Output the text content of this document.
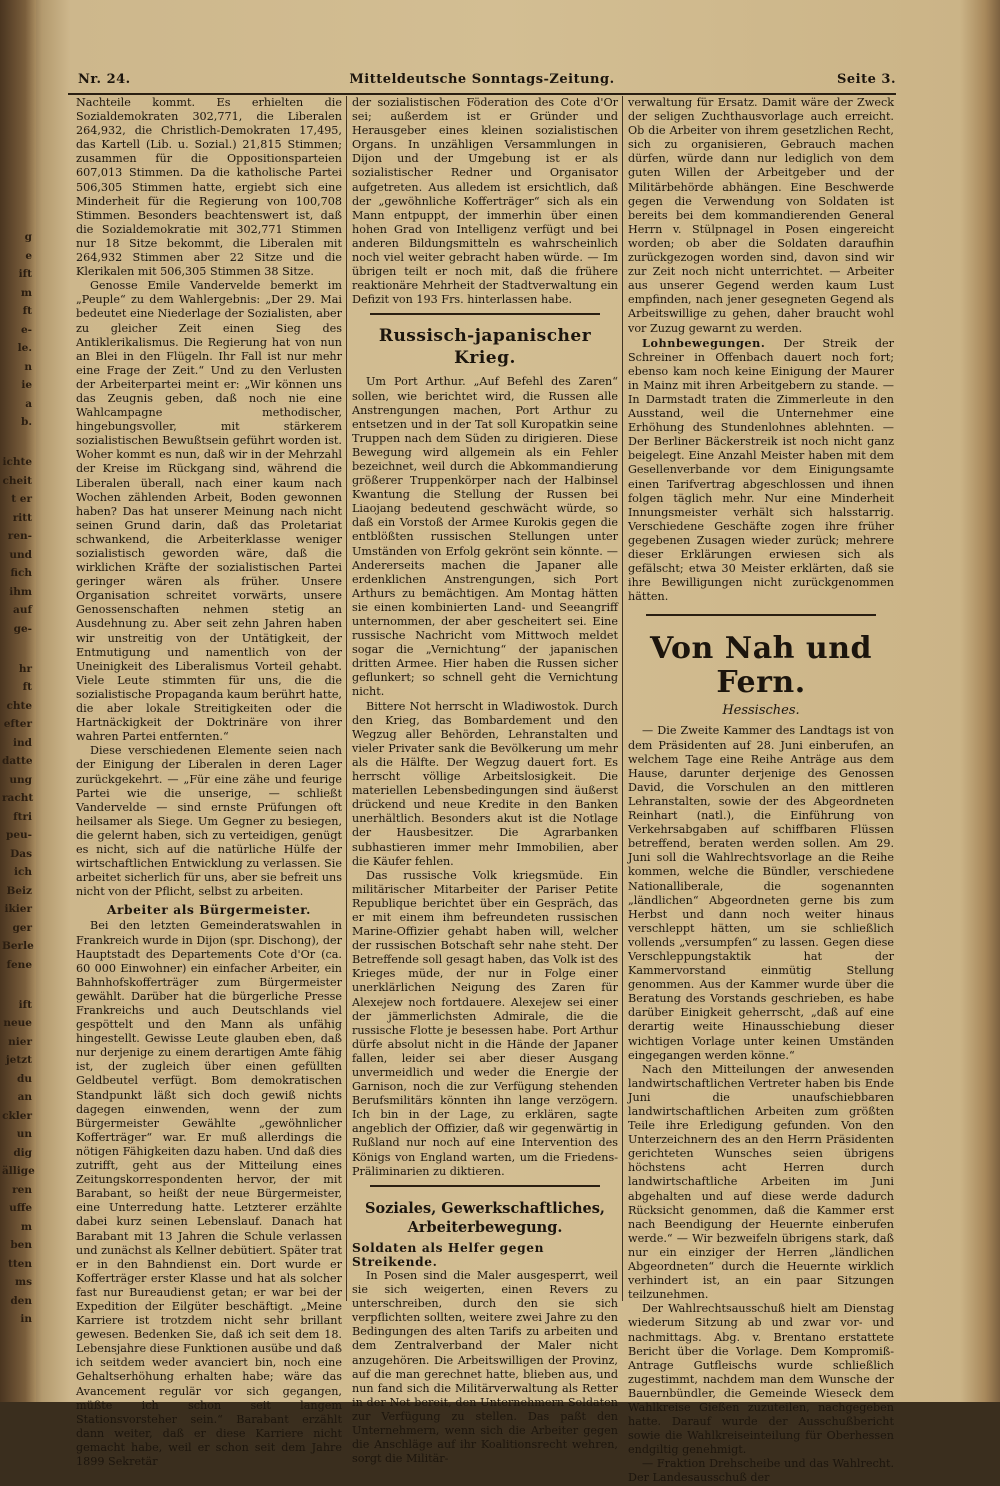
g
e
ift
m
ft
e-
le.
n
ie
a
b.
ichte
cheit
t er
ritt
ren-
und
fich
ihm
auf
ge-
hr
ft
chte
efter
ind
datte
ung
racht
ftri
peu-
Das
ich
Beiz
ikier
ger
Berle
fene
ift
neue
nier
jetzt
du
an
ckler
un
dig
ällige
ren
uffe
m
ben
tten
ms
den
in
Nr. 24.	Mitteldeutsche Sonntags-Zeitung.	Seite 3.

Nachteile kommt. Es erhielten die Sozialdemokraten 302,771, die Liberalen 264,932, die Christlich-Demokraten 17,495, das Kartell (Lib. u. Sozial.) 21,815 Stimmen; zusammen für die Oppositionsparteien 607,013 Stimmen. Da die katholische Partei 506,305 Stimmen hatte, ergiebt sich eine Minderheit für die Regierung von 100,708 Stimmen. Besonders beachtenswert ist, daß die Sozialdemokratie mit 302,771 Stimmen nur 18 Sitze bekommt, die Liberalen mit 264,932 Stimmen aber 22 Sitze und die Klerikalen mit 506,305 Stimmen 38 Sitze.

Genosse Emile Vandervelde bemerkt im „Peuple“ zu dem Wahlergebnis: „Der 29. Mai bedeutet eine Niederlage der Sozialisten, aber zu gleicher Zeit einen Sieg des Antiklerikalismus. Die Regierung hat von nun an Blei in den Flügeln. Ihr Fall ist nur mehr eine Frage der Zeit.“ Und zu den Verlusten der Arbeiterpartei meint er: „Wir können uns das Zeugnis geben, daß noch nie eine Wahlcampagne methodischer, hingebungsvoller, mit stärkerem sozialistischen Bewußtsein geführt worden ist. Woher kommt es nun, daß wir in der Mehrzahl der Kreise im Rückgang sind, während die Liberalen überall, nach einer kaum nach Wochen zählenden Arbeit, Boden gewonnen haben? Das hat unserer Meinung nach nicht seinen Grund darin, daß das Proletariat schwankend, die Arbeiterklasse weniger sozialistisch geworden wäre, daß die wirklichen Kräfte der sozialistischen Partei geringer wären als früher. Unsere Organisation schreitet vorwärts, unsere Genossenschaften nehmen stetig an Ausdehnung zu. Aber seit zehn Jahren haben wir unstreitig von der Untätigkeit, der Entmutigung und namentlich von der Uneinigkeit des Liberalismus Vorteil gehabt. Viele Leute stimmten für uns, die die sozialistische Propaganda kaum berührt hatte, die aber lokale Streitigkeiten oder die Hartnäckigkeit der Doktrinäre von ihrer wahren Partei entfernten.“

Diese verschiedenen Elemente seien nach der Einigung der Liberalen in deren Lager zurückgekehrt. — „Für eine zähe und feurige Partei wie die unserige, — schließt Vandervelde — sind ernste Prüfungen oft heilsamer als Siege. Um Gegner zu besiegen, die gelernt haben, sich zu verteidigen, genügt es nicht, sich auf die natürliche Hülfe der wirtschaftlichen Entwicklung zu verlassen. Sie arbeitet sicherlich für uns, aber sie befreit uns nicht von der Pflicht, selbst zu arbeiten.

Arbeiter als Bürgermeister.

Bei den letzten Gemeinderatswahlen in Frankreich wurde in Dijon (spr. Dischong), der Hauptstadt des Departements Cote d'Or (ca. 60 000 Einwohner) ein einfacher Arbeiter, ein Bahnhofskofferträger zum Bürgermeister gewählt. Darüber hat die bürgerliche Presse Frankreichs und auch Deutschlands viel gespöttelt und den Mann als unfähig hingestellt. Gewisse Leute glauben eben, daß nur derjenige zu einem derartigen Amte fähig ist, der zugleich über einen gefüllten Geldbeutel verfügt. Bom demokratischen Standpunkt läßt sich doch gewiß nichts dagegen einwenden, wenn der zum Bürgermeister Gewählte „gewöhnlicher Kofferträger“ war. Er muß allerdings die nötigen Fähigkeiten dazu haben. Und daß dies zutrifft, geht aus der Mitteilung eines Zeitungskorrespondenten hervor, der mit Barabant, so heißt der neue Bürgermeister, eine Unterredung hatte. Letzterer erzählte dabei kurz seinen Lebenslauf. Danach hat Barabant mit 13 Jahren die Schule verlassen und zunächst als Kellner debütiert. Später trat er in den Bahndienst ein. Dort wurde er Kofferträger erster Klasse und hat als solcher fast nur Bureaudienst getan; er war bei der Expedition der Eilgüter beschäftigt. „Meine Karriere ist trotzdem nicht sehr brillant gewesen. Bedenken Sie, daß ich seit dem 18. Lebensjahre diese Funktionen ausübe und daß ich seitdem weder avanciert bin, noch eine Gehaltserhöhung erhalten habe; wäre das Avancement regulär vor sich gegangen, müßte ich schon seit langem Stationsvorsteher sein.“ Barabant erzählt dann weiter, daß er diese Karriere nicht gemacht habe, weil er schon seit dem Jahre 1899 Sekretär

der sozialistischen Föderation des Cote d'Or sei; außerdem ist er Gründer und Herausgeber eines kleinen sozialistischen Organs. In unzähligen Versammlungen in Dijon und der Umgebung ist er als sozialistischer Redner und Organisator aufgetreten. Aus alledem ist ersichtlich, daß der „gewöhnliche Kofferträger“ sich als ein Mann entpuppt, der immerhin über einen hohen Grad von Intelligenz verfügt und bei anderen Bildungsmitteln es wahrscheinlich noch viel weiter gebracht haben würde. — Im übrigen teilt er noch mit, daß die frühere reaktionäre Mehrheit der Stadtverwaltung ein Defizit von 193 Frs. hinterlassen habe.

Russisch-japanischer Krieg.

Um Port Arthur. „Auf Befehl des Zaren“ sollen, wie berichtet wird, die Russen alle Anstrengungen machen, Port Arthur zu entsetzen und in der Tat soll Kuropatkin seine Truppen nach dem Süden zu dirigieren. Diese Bewegung wird allgemein als ein Fehler bezeichnet, weil durch die Abkommandierung größerer Truppenkörper nach der Halbinsel Kwantung die Stellung der Russen bei Liaojang bedeutend geschwächt würde, so daß ein Vorstoß der Armee Kurokis gegen die entblößten russischen Stellungen unter Umständen von Erfolg gekrönt sein könnte. — Andererseits machen die Japaner alle erdenklichen Anstrengungen, sich Port Arthurs zu bemächtigen. Am Montag hätten sie einen kombinierten Land- und Seeangriff unternommen, der aber gescheitert sei. Eine russische Nachricht vom Mittwoch meldet sogar die „Vernichtung“ der japanischen dritten Armee. Hier haben die Russen sicher geflunkert; so schnell geht die Vernichtung nicht.

Bittere Not herrscht in Wladiwostok. Durch den Krieg, das Bombardement und den Wegzug aller Behörden, Lehranstalten und vieler Privater sank die Bevölkerung um mehr als die Hälfte. Der Wegzug dauert fort. Es herrscht völlige Arbeitslosigkeit. Die materiellen Lebensbedingungen sind äußerst drückend und neue Kredite in den Banken unerhältlich. Besonders akut ist die Notlage der Hausbesitzer. Die Agrarbanken subhastieren immer mehr Immobilien, aber die Käufer fehlen.

Das russische Volk kriegsmüde. Ein militärischer Mitarbeiter der Pariser Petite Republique berichtet über ein Gespräch, das er mit einem ihm befreundeten russischen Marine-Offizier gehabt haben will, welcher der russischen Botschaft sehr nahe steht. Der Betreffende soll gesagt haben, das Volk ist des Krieges müde, der nur in Folge einer unerklärlichen Neigung des Zaren für Alexejew noch fortdauere. Alexejew sei einer der jämmerlichsten Admirale, die die russische Flotte je besessen habe. Port Arthur dürfe absolut nicht in die Hände der Japaner fallen, leider sei aber dieser Ausgang unvermeidlich und weder die Energie der Garnison, noch die zur Verfügung stehenden Berufsmilitärs könnten ihn lange verzögern. Ich bin in der Lage, zu erklären, sagte angeblich der Offizier, daß wir gegenwärtig in Rußland nur noch auf eine Intervention des Königs von England warten, um die Friedens-Präliminarien zu diktieren.

Soziales, Gewerkschaftliches, Arbeiterbewegung.
Soldaten als Helfer gegen Streikende.

In Posen sind die Maler ausgesperrt, weil sie sich weigerten, einen Revers zu unterschreiben, durch den sie sich verpflichten sollten, weitere zwei Jahre zu den Bedingungen des alten Tarifs zu arbeiten und dem Zentralverband der Maler nicht anzugehören. Die Arbeitswilligen der Provinz, auf die man gerechnet hatte, blieben aus, und nun fand sich die Militärverwaltung als Retter in der Not bereit, den Unternehmern Soldaten zur Verfügung zu stellen. Das paßt den Unternehmern, wenn sich die Arbeiter gegen die Anschläge auf ihr Koalitionsrecht wehren, sorgt die Militär-

verwaltung für Ersatz. Damit wäre der Zweck der seligen Zuchthausvorlage auch erreicht. Ob die Arbeiter von ihrem gesetzlichen Recht, sich zu organisieren, Gebrauch machen dürfen, würde dann nur lediglich von dem guten Willen der Arbeitgeber und der Militärbehörde abhängen. Eine Beschwerde gegen die Verwendung von Soldaten ist bereits bei dem kommandierenden General Herrn v. Stülpnagel in Posen eingereicht worden; ob aber die Soldaten daraufhin zurückgezogen worden sind, davon sind wir zur Zeit noch nicht unterrichtet. — Arbeiter aus unserer Gegend werden kaum Lust empfinden, nach jener gesegneten Gegend als Arbeitswillige zu gehen, daher braucht wohl vor Zuzug gewarnt zu werden.

Lohnbewegungen. Der Streik der Schreiner in Offenbach dauert noch fort; ebenso kam noch keine Einigung der Maurer in Mainz mit ihren Arbeitgebern zu stande. — In Darmstadt traten die Zimmerleute in den Ausstand, weil die Unternehmer eine Erhöhung des Stundenlohnes ablehnten. — Der Berliner Bäckerstreik ist noch nicht ganz beigelegt. Eine Anzahl Meister haben mit dem Gesellenverbande vor dem Einigungsamte einen Tarifvertrag abgeschlossen und ihnen folgen täglich mehr. Nur eine Minderheit Innungsmeister verhält sich halsstarrig. Verschiedene Geschäfte zogen ihre früher gegebenen Zusagen wieder zurück; mehrere dieser Erklärungen erwiesen sich als gefälscht; etwa 30 Meister erklärten, daß sie ihre Bewilligungen nicht zurückgenommen hätten.

Von Nah und Fern.
Hessisches.

— Die Zweite Kammer des Landtags ist von dem Präsidenten auf 28. Juni einberufen, an welchem Tage eine Reihe Anträge aus dem Hause, darunter derjenige des Genossen David, die Vorschulen an den mittleren Lehranstalten, sowie der des Abgeordneten Reinhart (natl.), die Einführung von Verkehrsabgaben auf schiffbaren Flüssen betreffend, beraten werden sollen. Am 29. Juni soll die Wahlrechtsvorlage an die Reihe kommen, welche die Bündler, verschiedene Nationalliberale, die sogenannten „ländlichen“ Abgeordneten gerne bis zum Herbst und dann noch weiter hinaus verschleppt hätten, um sie schließlich vollends „versumpfen“ zu lassen. Gegen diese Verschleppungstaktik hat der Kammervorstand einmütig Stellung genommen. Aus der Kammer wurde über die Beratung des Vorstands geschrieben, es habe darüber Einigkeit geherrscht, „daß auf eine derartig weite Hinausschiebung dieser wichtigen Vorlage unter keinen Umständen eingegangen werden könne.“

Nach den Mitteilungen der anwesenden landwirtschaftlichen Vertreter haben bis Ende Juni die unaufschiebbaren landwirtschaftlichen Arbeiten zum größten Teile ihre Erledigung gefunden. Von den Unterzeichnern des an den Herrn Präsidenten gerichteten Wunsches seien übrigens höchstens acht Herren durch landwirtschaftliche Arbeiten im Juni abgehalten und auf diese werde dadurch Rücksicht genommen, daß die Kammer erst nach Beendigung der Heuernte einberufen werde.“ — Wir bezweifeln übrigens stark, daß nur ein einziger der Herren „ländlichen Abgeordneten“ durch die Heuernte wirklich verhindert ist, an ein paar Sitzungen teilzunehmen.

Der Wahlrechtsausschuß hielt am Dienstag wiederum Sitzung ab und zwar vor- und nachmittags. Abg. v. Brentano erstattete Bericht über die Vorlage. Dem Kompromiß-Antrage Gutfleischs wurde schließlich zugestimmt, nachdem man dem Wunsche der Bauernbündler, die Gemeinde Wieseck dem Wahlkreise Gießen zuzuteilen, nachgegeben hatte. Darauf wurde der Ausschußbericht sowie die Wahlkreiseinteilung für Oberhessen endgiltig genehmigt.

— Fraktion Drehscheibe und das Wahlrecht. Der Landesausschuß der
